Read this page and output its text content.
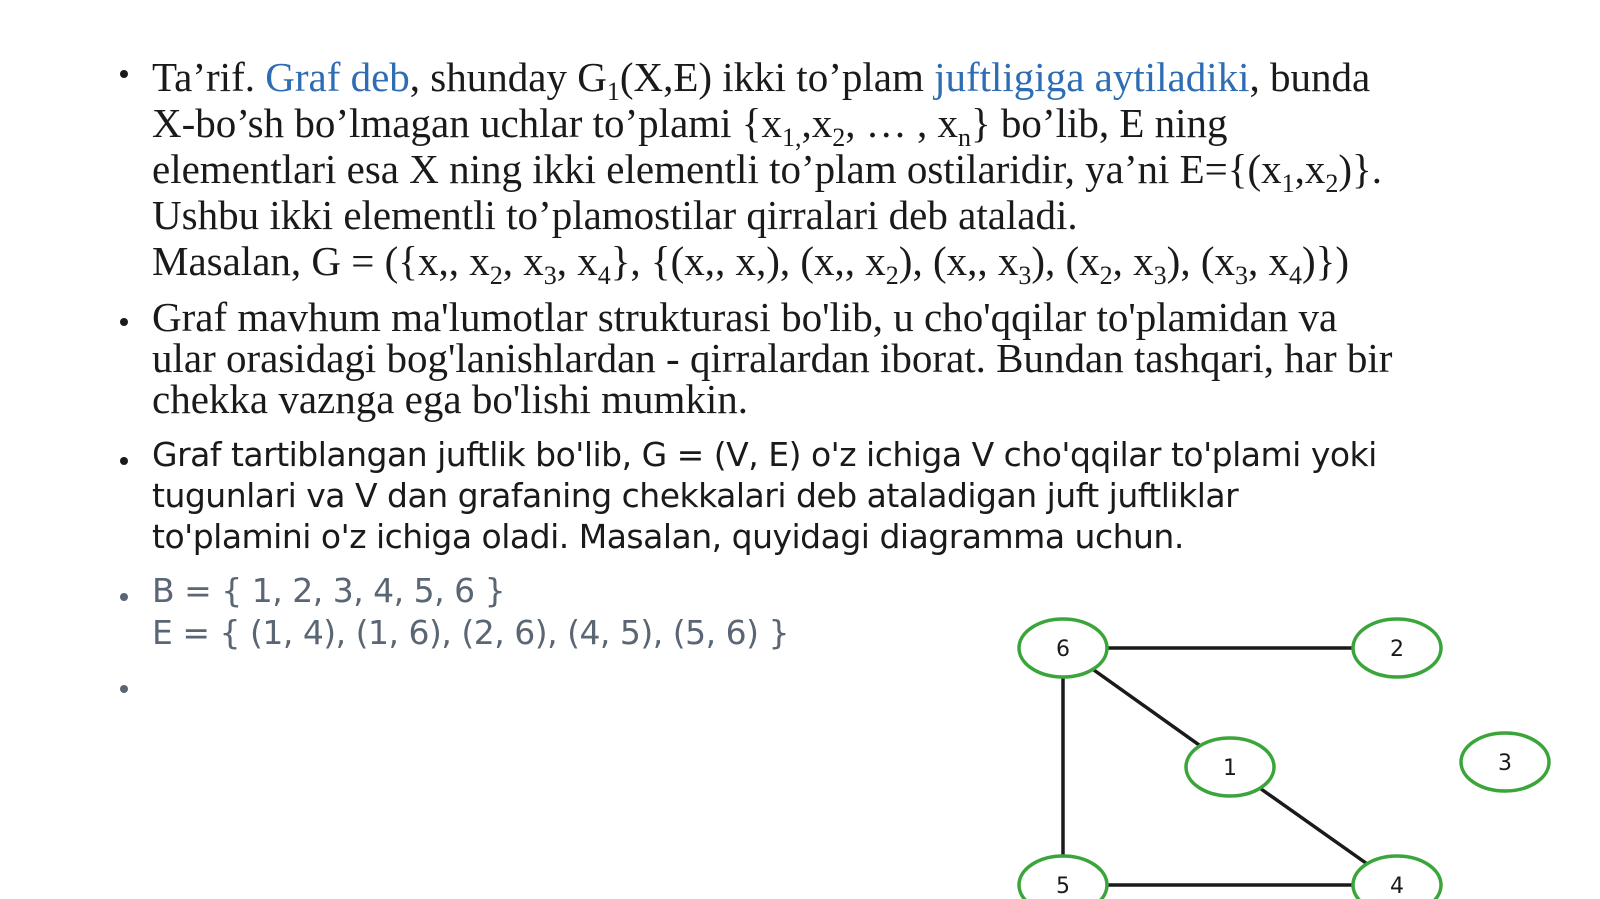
Ta’rif. Graf deb, shunday $G_1(X,E)$ ikki to’plam juftligiga aytiladiki, bunda
X-bo’sh bo’lmagan uchlar to’plami {$x_{1,},x_2$, … , $x_n$} bo’lib, E ning
elementlari esa X ning ikki elementli to’plam ostilaridir, ya’ni $E=\{(x_1,x_2)\}$.
Ushbu ikki elementli to’plamostilar qirralari deb ataladi.
Masalan, G = ({x,, $x_2$, $x_3$, $x_4$}, {(x,, x,), (x,, $x_2$), (x,, $x_3$), ($x_2$, $x_3$), ($x_3$, $x_4$)})
Graf mavhum ma'lumotlar strukturasi bo'lib, u cho'qqilar to'plamidan va
ular orasidagi bog'lanishlardan - qirralardan iborat. Bundan tashqari, har bir
chekka vaznga ega bo'lishi mumkin.
Graf tartiblangan juftlik bo'lib, G = (V, E) o'z ichiga V cho'qqilar to'plami yoki
tugunlari va V dan grafaning chekkalari deb ataladigan juft juftliklar
to'plamini o'z ichiga oladi. Masalan, quyidagi diagramma uchun.
B = { 1, 2, 3, 4, 5, 6 }
E = { (1, 4), (1, 6), (2, 6), (4, 5), (5, 6) }	6	2
1	3
5	4
